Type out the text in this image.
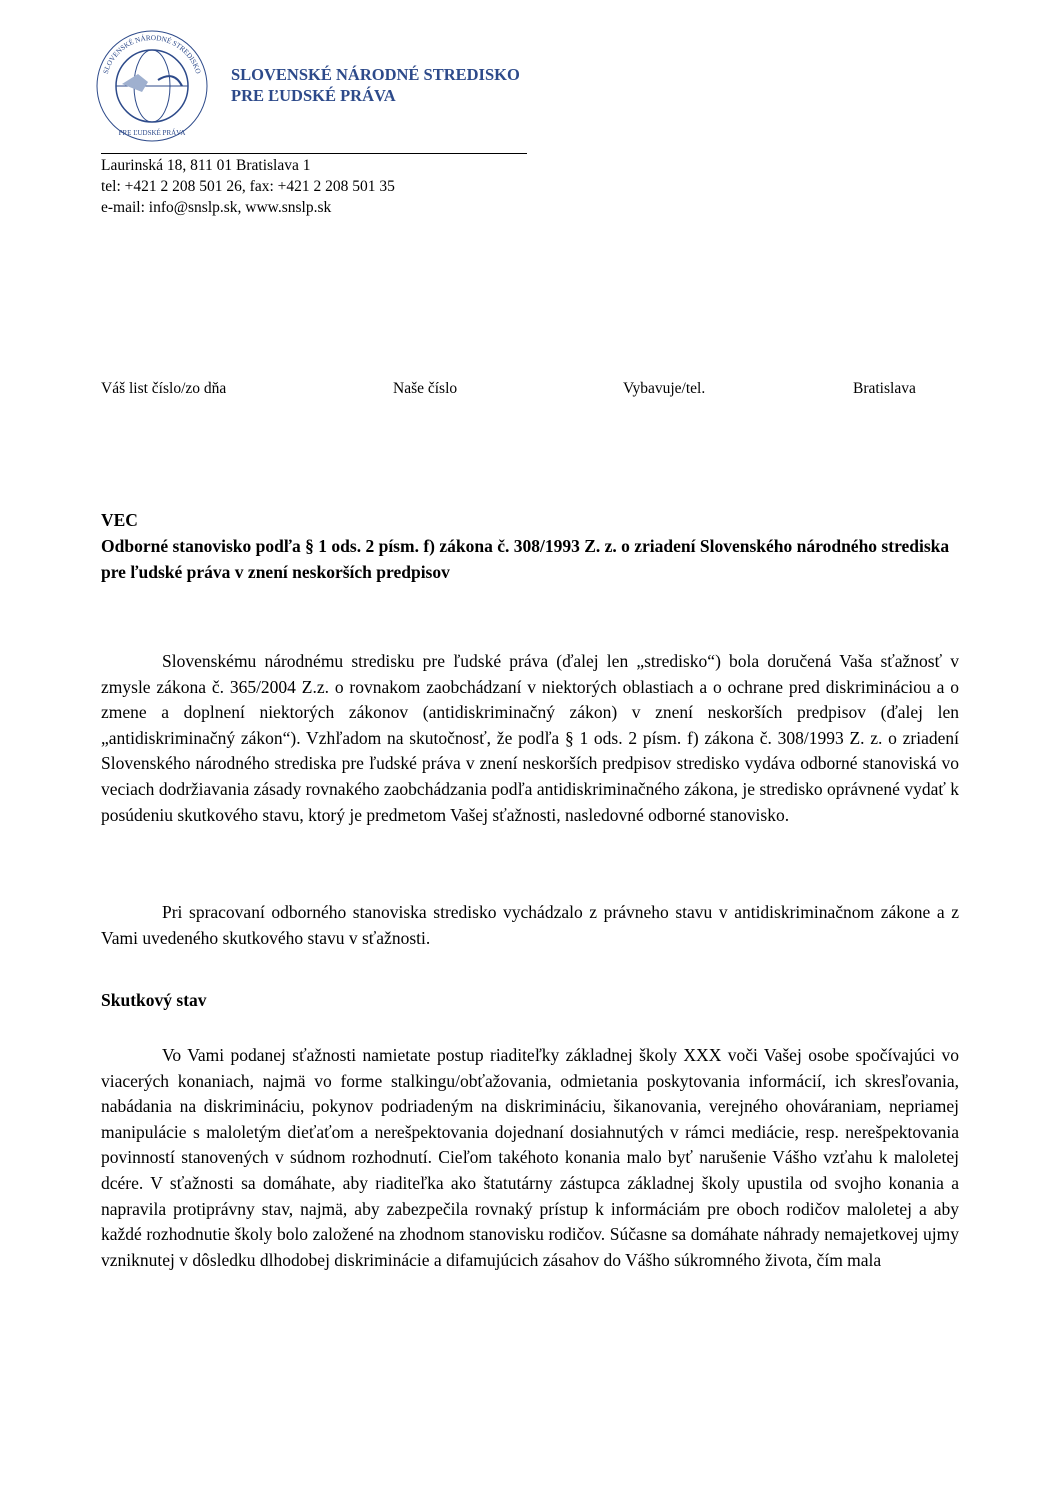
SLOVENSKÉ NÁRODNÉ STREDISKO
PRE ĽUDSKÉ PRÁVA
SLOVENSKÉ NÁRODNÉ STREDISKO
PRE ĽUDSKÉ PRÁVA
Laurinská 18, 811 01 Bratislava 1
tel: +421 2 208 501 26, fax: +421 2 208 501 35
e-mail: info@snslp.sk, www.snslp.sk
Váš list číslo/zo dňa	Naše číslo	Vybavuje/tel.	Bratislava
VEC
Odborné stanovisko podľa § 1 ods. 2 písm. f) zákona č. 308/1993 Z. z. o zriadení Slovenského národného strediska pre ľudské práva v znení neskorších predpisov
Slovenskému národnému stredisku pre ľudské práva (ďalej len „stredisko“) bola doručená Vaša sťažnosť v zmysle zákona č. 365/2004 Z.z. o rovnakom zaobchádzaní v niektorých oblastiach a o ochrane pred diskrimináciou a o zmene a doplnení niektorých zákonov (antidiskriminačný zákon) v znení neskorších predpisov (ďalej len „antidiskriminačný zákon“). Vzhľadom na skutočnosť, že podľa § 1 ods. 2 písm. f) zákona č. 308/1993 Z. z. o zriadení Slovenského národného strediska pre ľudské práva v znení neskorších predpisov stredisko vydáva odborné stanoviská vo veciach dodržiavania zásady rovnakého zaobchádzania podľa antidiskriminačného zákona, je stredisko oprávnené vydať k posúdeniu skutkového stavu, ktorý je predmetom Vašej sťažnosti, nasledovné odborné stanovisko.
Pri spracovaní odborného stanoviska stredisko vychádzalo z právneho stavu v antidiskriminačnom zákone a z Vami uvedeného skutkového stavu v sťažnosti.
Skutkový stav
Vo Vami podanej sťažnosti namietate postup riaditeľky základnej školy XXX voči Vašej osobe spočívajúci vo viacerých konaniach, najmä vo forme stalkingu/obťažovania, odmietania poskytovania informácií, ich skresľovania, nabádania na diskrimináciu, pokynov podriadeným na diskrimináciu, šikanovania, verejného ohováraniam, nepriamej manipulácie s maloletým dieťaťom a nerešpektovania dojednaní dosiahnutých v rámci mediácie, resp. nerešpektovania povinností stanovených v súdnom rozhodnutí. Cieľom takéhoto konania malo byť narušenie Vášho vzťahu k maloletej dcére. V sťažnosti sa domáhate, aby riaditeľka ako štatutárny zástupca základnej školy upustila od svojho konania a napravila protiprávny stav, najmä, aby zabezpečila rovnaký prístup k informáciám pre oboch rodičov maloletej a aby každé rozhodnutie školy bolo založené na zhodnom stanovisku rodičov. Súčasne sa domáhate náhrady nemajetkovej ujmy vzniknutej v dôsledku dlhodobej diskriminácie a difamujúcich zásahov do Vášho súkromného života, čím mala
